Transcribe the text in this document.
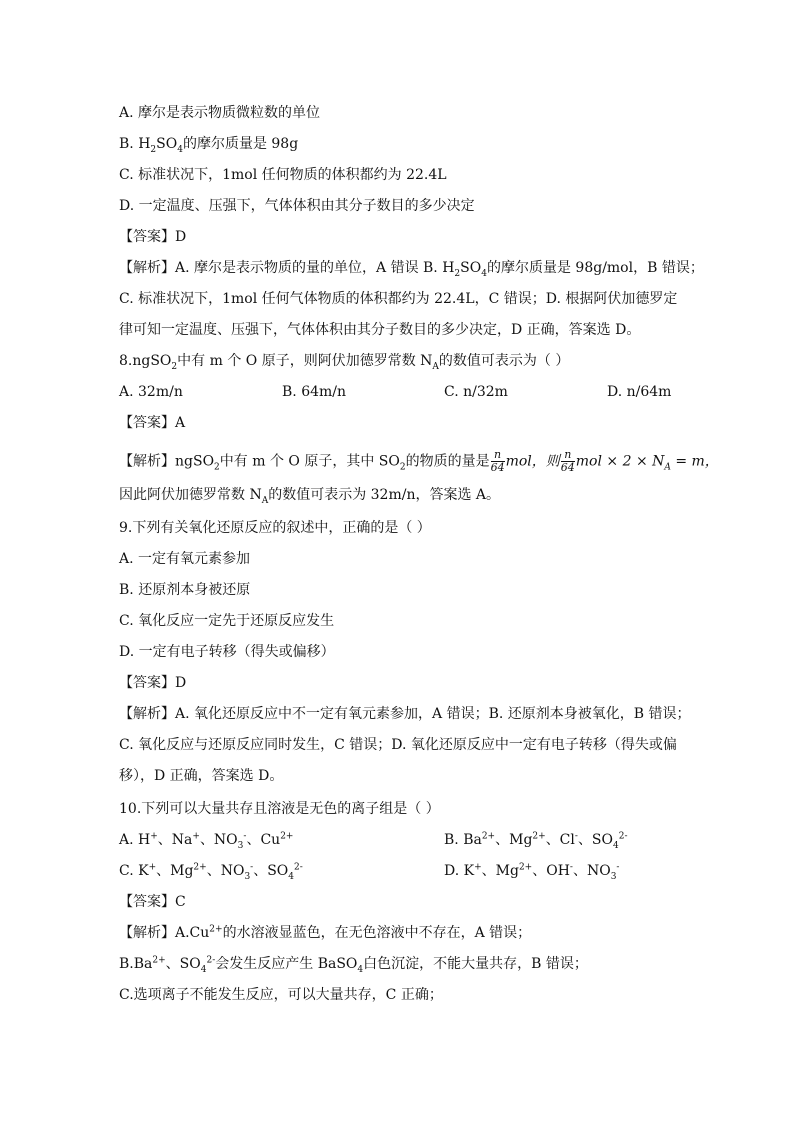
A. 摩尔是表示物质微粒数的单位
B. $H_2SO_4$的摩尔质量是 98g
C. 标准状况下，1mol 任何物质的体积都约为 22.4L
D. 一定温度、压强下，气体体积由其分子数目的多少决定
【答案】D
【解析】A. 摩尔是表示物质的量的单位，A 错误 B. $H_2SO_4$的摩尔质量是 98g/mol，B 错误；
C. 标准状况下，1mol 任何气体物质的体积都约为 22.4L，C 错误；D. 根据阿伏加德罗定
律可知一定温度、压强下，气体体积由其分子数目的多少决定，D 正确，答案选 D。
8.ngSO$_2$中有 m 个 O 原子，则阿伏加德罗常数 $N_A$的数值可表示为（ ）
A. 32m/n	B. 64m/n	C. n/32m	D. n/64m
【答案】A
【解析】ngSO$_2$中有 m 个 O 原子，其中 $SO_2$的物质的量是 $\frac{n}{64}$ mol，则 $\frac{n}{64}$ mol × $2 \times N_A = m$，
因此阿伏加德罗常数 $N_A$的数值可表示为 32m/n，答案选 A。
9.下列有关氧化还原反应的叙述中，正确的是（ ）
A. 一定有氧元素参加
B. 还原剂本身被还原
C. 氧化反应一定先于还原反应发生
D. 一定有电子转移（得失或偏移）
【答案】D
【解析】A. 氧化还原反应中不一定有氧元素参加，A 错误；B. 还原剂本身被氧化，B 错误；
C. 氧化反应与还原反应同时发生，C 错误；D. 氧化还原反应中一定有电子转移（得失或偏
移），D 正确，答案选 D。
10.下列可以大量共存且溶液是无色的离子组是（ ）
A. H+、Na+、$NO_3^-$、$Cu^{2+}$	B. $Ba^{2+}$、$Mg^{2+}$、Cl-、$SO_4^{2-}$
C. K+、$Mg^{2+}$、$NO_3^-$、$SO_4^{2-}$	D. K+、$Mg^{2+}$、OH-、$NO_3^-$
【答案】C
【解析】$A.Cu^{2+}$的水溶液显蓝色，在无色溶液中不存在，A 错误；
$B.Ba^{2+}$、$SO_4^{2-}$会发生反应产生 BaSO$_4$白色沉淀，不能大量共存，B 错误；
C.选项离子不能发生反应，可以大量共存，C 正确；
